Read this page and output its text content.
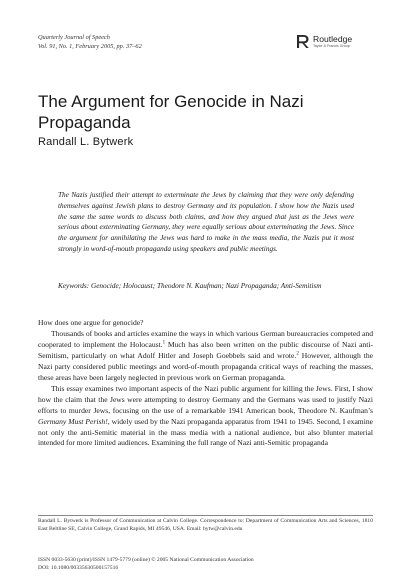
Quarterly Journal of Speech
Vol. 91, No. 1, February 2005, pp. 37–62
Routledge
Taylor & Francis Group
The Argument for Genocide in Nazi Propaganda
Randall L. Bytwerk

The Nazis justified their attempt to exterminate the Jews by claiming that they were only defending themselves against Jewish plans to destroy Germany and its population. I show how the Nazis used the same the same words to discuss both claims, and how they argued that just as the Jews were serious about exterminating Germany, they were equally serious about exterminating the Jews. Since the argument for annihilating the Jews was hard to make in the mass media, the Nazis put it most strongly in word-of-mouth propaganda using speakers and public meetings.

Keywords: Genocide; Holocaust; Theodore N. Kaufman; Nazi Propaganda; Anti-Semitism

How does one argue for genocide?

Thousands of books and articles examine the ways in which various German bureaucracies competed and cooperated to implement the Holocaust.$^1$ Much has also been written on the public discourse of Nazi anti-Semitism, particularly on what Adolf Hitler and Joseph Goebbels said and wrote.$^2$ However, although the Nazi party considered public meetings and word-of-mouth propaganda critical ways of reaching the masses, these areas have been largely neglected in previous work on German propaganda.

This essay examines two important aspects of the Nazi public argument for killing the Jews. First, I show how the claim that the Jews were attempting to destroy Germany and the Germans was used to justify Nazi efforts to murder Jews, focusing on the use of a remarkable 1941 American book, Theodore N. Kaufman’s Germany Must Perish!, widely used by the Nazi propaganda apparatus from 1941 to 1945. Second, I examine not only the anti-Semitic material in the mass media with a national audience, but also blunter material intended for more limited audiences. Examining the full range of Nazi anti-Semitic propaganda

Randall L. Bytwerk is Professor of Communication at Calvin College. Correspondence to: Department of Communication Arts and Sciences, 1810 East Beltline SE, Calvin College, Grand Rapids, MI 49546, USA. Email: bytw@calvin.edu

ISSN 0033-5630 (print)/ISSN 1479-5779 (online) © 2005 National Communication Association
DOI: 10.1080/00335630500157516
